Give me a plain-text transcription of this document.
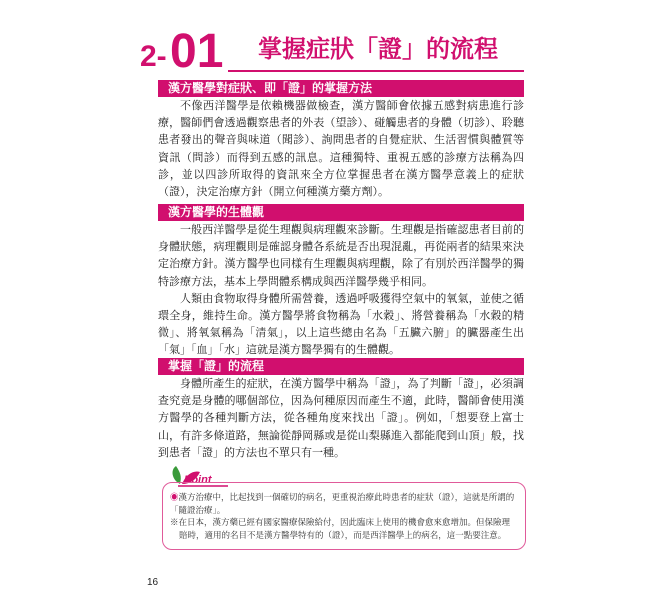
2- 01 掌握症狀「證」的流程
漢方醫學對症狀、即「證」的掌握方法

不像西洋醫學是依賴機器做檢查，漢方醫師會依據五感對病患進行診療，醫師們會透過觀察患者的外表（望診）、碰觸患者的身體（切診）、聆聽患者發出的聲音與味道（聞診）、詢問患者的自覺症狀、生活習慣與體質等資訊（問診）而得到五感的訊息。這種獨特、重視五感的診療方法稱為四診，並以四診所取得的資訊來全方位掌握患者在漢方醫學意義上的症狀（證），決定治療方針（開立何種漢方藥方劑）。

漢方醫學的生體觀

一般西洋醫學是從生理觀與病理觀來診斷。生理觀是指確認患者目前的身體狀態，病理觀則是確認身體各系統是否出現混亂，再從兩者的結果來決定治療方針。漢方醫學也同樣有生理觀與病理觀，除了有別於西洋醫學的獨特診療方法，基本上學問體系構成與西洋醫學幾乎相同。

人類由食物取得身體所需營養，透過呼吸獲得空氣中的氧氣，並使之循環全身，維持生命。漢方醫學將食物稱為「水穀」、將營養稱為「水穀的精微」、將氧氣稱為「清氣」，以上這些總由名為「五臟六腑」的臟器產生出「氣」「血」「水」這就是漢方醫學獨有的生體觀。

掌握「證」的流程

身體所產生的症狀，在漢方醫學中稱為「證」，為了判斷「證」，必須調查究竟是身體的哪個部位，因為何種原因而產生不適，此時，醫師會使用漢方醫學的各種判斷方法，從各種角度來找出「證」。例如，「想要登上富士山，有許多條道路，無論從靜岡縣或是從山梨縣進入都能爬到山頂」般，找到患者「證」的方法也不單只有一種。

Point
◉漢方治療中，比起找到一個確切的病名，更重視治療此時患者的症狀（證），這就是所謂的「隨證治療」。
※在日本，漢方藥已經有國家醫療保險給付，因此臨床上使用的機會愈來愈增加。但保險理賠時，適用的名目不是漢方醫學特有的（證），而是西洋醫學上的病名，這一點要注意。
16
